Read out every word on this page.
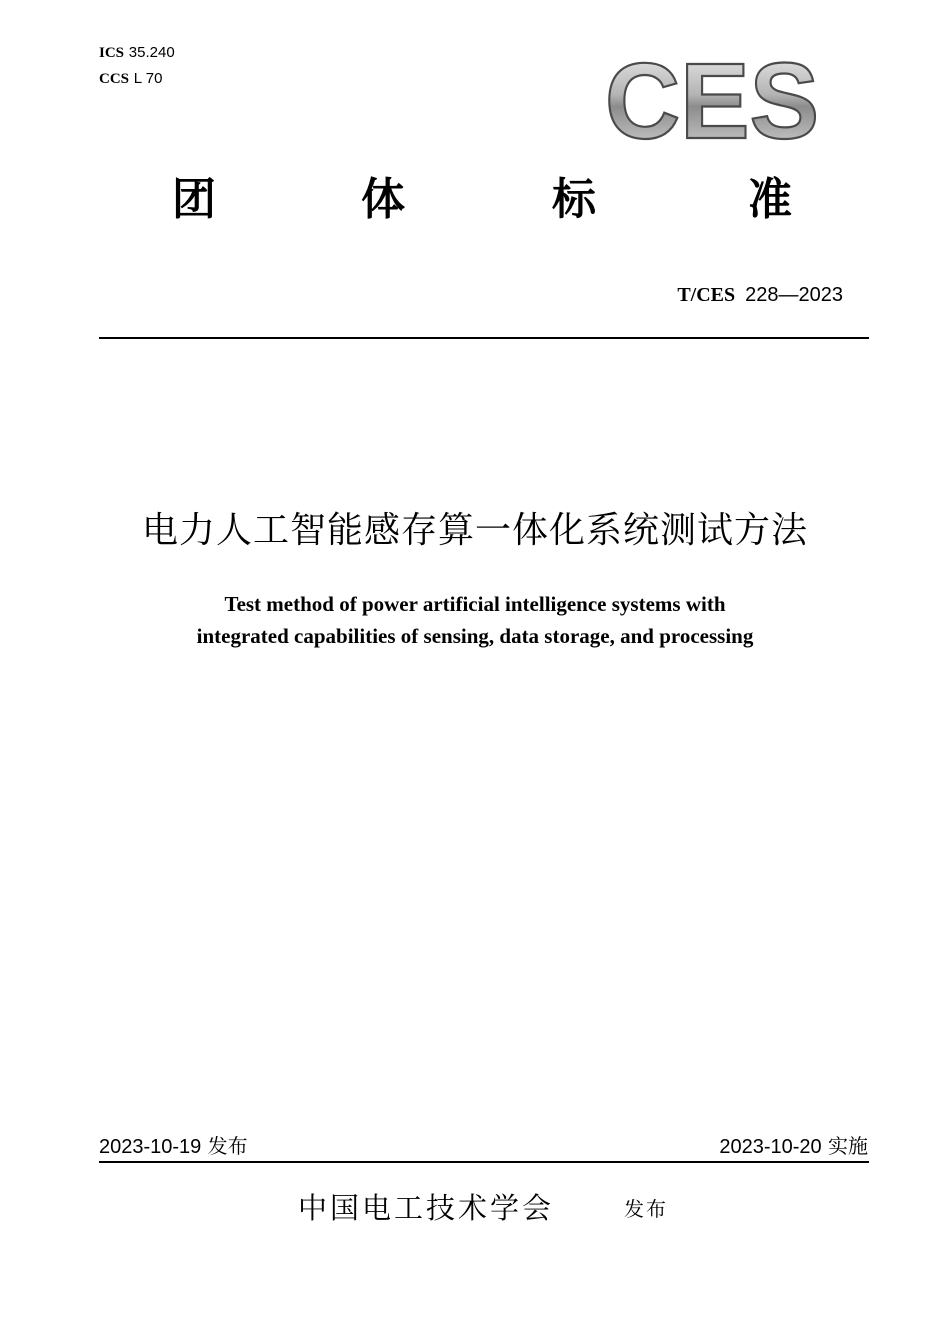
ICS 35.240
CCS L 70	CES
团	体	标	准
T/CES 228—2023
电力人工智能感存算一体化系统测试方法
Test method of power artificial intelligence systems with
integrated capabilities of sensing, data storage, and processing
2023-10-19 发布	2023-10-20 实施
中国电工技术学会	发布
